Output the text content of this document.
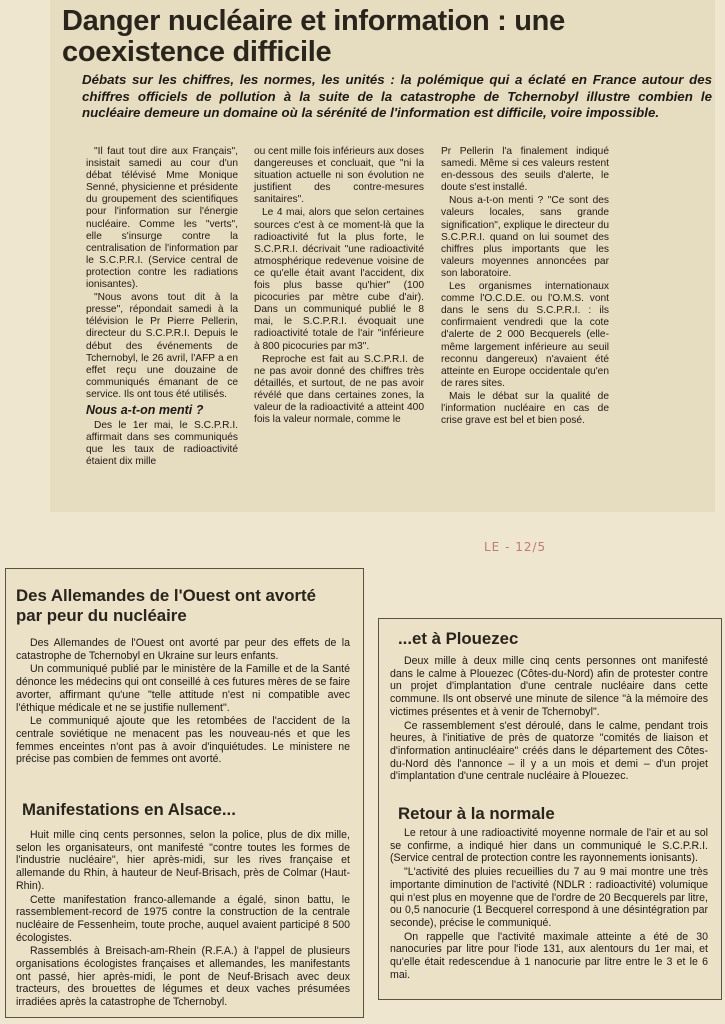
Danger nucléaire et information : une coexistence difficile
Débats sur les chiffres, les normes, les unités : la polémique qui a éclaté en France autour des chiffres officiels de pollution à la suite de la catastrophe de Tchernobyl illustre combien le nucléaire demeure un domaine où la sérénité de l'information est difficile, voire impossible.

"Il faut tout dire aux Français", insistait samedi au cour d'un débat télévisé Mme Monique Senné, physicienne et présidente du groupement des scientifiques pour l'information sur l'énergie nucléaire. Comme les "verts", elle s'insurge contre la centralisation de l'information par le S.C.P.R.I. (Service central de protection contre les radiations ionisantes).

"Nous avons tout dit à la presse", répondait samedi à la télévision le Pr Pierre Pellerin, directeur du S.C.P.R.I. Depuis le début des événements de Tchernobyl, le 26 avril, l'AFP a en effet reçu une douzaine de communiqués émanant de ce service. Ils ont tous été utilisés.

Nous a-t-on menti ?

Des le 1er mai, le S.C.P.R.I. affirmait dans ses communiqués que les taux de radioactivité étaient dix mille

ou cent mille fois inférieurs aux doses dangereuses et concluait, que "ni la situation actuelle ni son évolution ne justifient des contre-mesures sanitaires".

Le 4 mai, alors que selon certaines sources c'est à ce moment-là que la radioactivité fut la plus forte, le S.C.P.R.I. décrivait "une radioactivité atmosphérique redevenue voisine de ce qu'elle était avant l'accident, dix fois plus basse qu'hier" (100 picocuries par mètre cube d'air). Dans un communiqué publié le 8 mai, le S.C.P.R.I. évoquait une radioactivité totale de l'air "inférieure à 800 picocuries par m3".

Reproche est fait au S.C.P.R.I. de ne pas avoir donné des chiffres très détaillés, et surtout, de ne pas avoir révélé que dans certaines zones, la valeur de la radioactivité a atteint 400 fois la valeur normale, comme le

Pr Pellerin l'a finalement indiqué samedi. Même si ces valeurs restent en-dessous des seuils d'alerte, le doute s'est installé.

Nous a-t-on menti ? "Ce sont des valeurs locales, sans grande signification", explique le directeur du S.C.P.R.I. quand on lui soumet des chiffres plus importants que les valeurs moyennes annoncées par son laboratoire.

Les organismes internationaux comme l'O.C.D.E. ou l'O.M.S. vont dans le sens du S.C.P.R.I. : ils confirmaient vendredi que la cote d'alerte de 2 000 Becquerels (elle-même largement inférieure au seuil reconnu dangereux) n'avaient été atteinte en Europe occidentale qu'en de rares sites.

Mais le débat sur la qualité de l'information nucléaire en cas de crise grave est bel et bien posé.

LE - 12/5
Des Allemandes de l'Ouest ont avorté par peur du nucléaire

Des Allemandes de l'Ouest ont avorté par peur des effets de la catastrophe de Tchernobyl en Ukraine sur leurs enfants.

Un communiqué publié par le ministère de la Famille et de la Santé dénonce les médecins qui ont conseillé à ces futures mères de se faire avorter, affirmant qu'une "telle attitude n'est ni compatible avec l'éthique médicale et ne se justifie nullement".

Le communiqué ajoute que les retombées de l'accident de la centrale soviétique ne menacent pas les nouveau-nés et que les femmes enceintes n'ont pas à avoir d'inquiétudes. Le ministere ne précise pas combien de femmes ont avorté.

Manifestations en Alsace...

Huit mille cinq cents personnes, selon la police, plus de dix mille, selon les organisateurs, ont manifesté "contre toutes les formes de l'industrie nucléaire", hier après-midi, sur les rives française et allemande du Rhin, à hauteur de Neuf-Brisach, près de Colmar (Haut-Rhin).

Cette manifestation franco-allemande a égalé, sinon battu, le rassemblement-record de 1975 contre la construction de la centrale nucléaire de Fessenheim, toute proche, auquel avaient participé 8 500 écologistes.

Rassemblés à Breisach-am-Rhein (R.F.A.) à l'appel de plusieurs organisations écologistes françaises et allemandes, les manifestants ont passé, hier après-midi, le pont de Neuf-Brisach avec deux tracteurs, des brouettes de légumes et deux vaches présumées irradiées après la catastrophe de Tchernobyl.

...et à Plouezec

Deux mille à deux mille cinq cents personnes ont manifesté dans le calme à Plouezec (Côtes-du-Nord) afin de protester contre un projet d'implantation d'une centrale nucléaire dans cette commune. Ils ont observé une minute de silence "à la mémoire des victimes présentes et à venir de Tchernobyl".

Ce rassemblement s'est déroulé, dans le calme, pendant trois heures, à l'initiative de près de quatorze "comités de liaison et d'information antinucléaire" créés dans le département des Côtes-du-Nord dès l'annonce – il y a un mois et demi – d'un projet d'implantation d'une centrale nucléaire à Plouezec.

Retour à la normale

Le retour à une radioactivité moyenne normale de l'air et au sol se confirme, a indiqué hier dans un communiqué le S.C.P.R.I. (Service central de protection contre les rayonnements ionisants).

"L'activité des pluies recueillies du 7 au 9 mai montre une très importante diminution de l'activité (NDLR : radioactivité) volumique qui n'est plus en moyenne que de l'ordre de 20 Becquerels par litre, ou 0,5 nanocurie (1 Becquerel correspond à une désintégration par seconde), précise le communiqué.

On rappelle que l'activité maximale atteinte a été de 30 nanocuries par litre pour l'iode 131, aux alentours du 1er mai, et qu'elle était redescendue à 1 nanocurie par litre entre le 3 et le 6 mai.
